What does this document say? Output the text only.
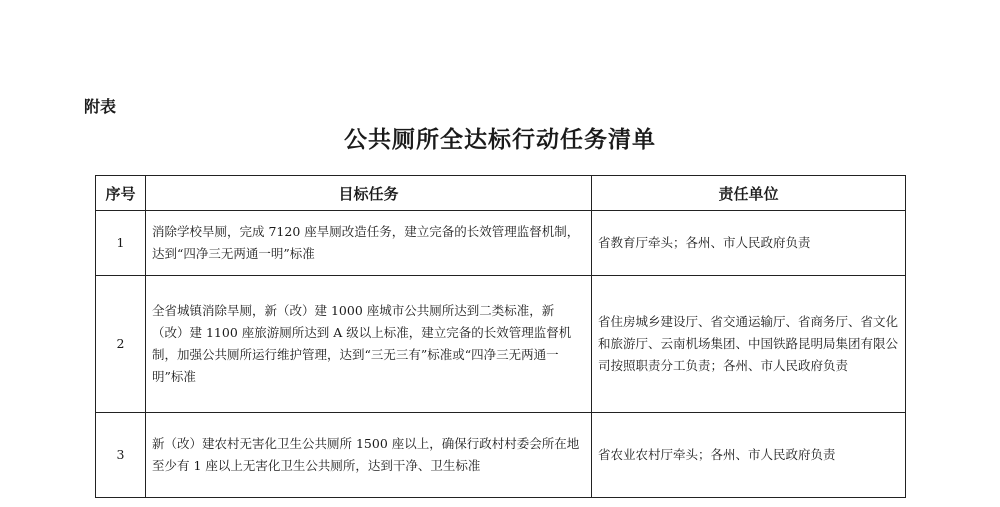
附表
公共厕所全达标行动任务清单
序号	目标任务	责任单位
1	消除学校旱厕，完成 7120 座旱厕改造任务，建立完备的长效管理监督机制，达到“四净三无两通一明”标准	省教育厅牵头；各州、市人民政府负责
2	全省城镇消除旱厕，新（改）建 1000 座城市公共厕所达到二类标准，新（改）建 1100 座旅游厕所达到 A 级以上标准，建立完备的长效管理监督机制，加强公共厕所运行维护管理，达到“三无三有”标准或“四净三无两通一明”标准	省住房城乡建设厅、省交通运输厅、省商务厅、省文化和旅游厅、云南机场集团、中国铁路昆明局集团有限公司按照职责分工负责；各州、市人民政府负责
3	新（改）建农村无害化卫生公共厕所 1500 座以上，确保行政村村委会所在地至少有 1 座以上无害化卫生公共厕所，达到干净、卫生标准	省农业农村厅牵头；各州、市人民政府负责
